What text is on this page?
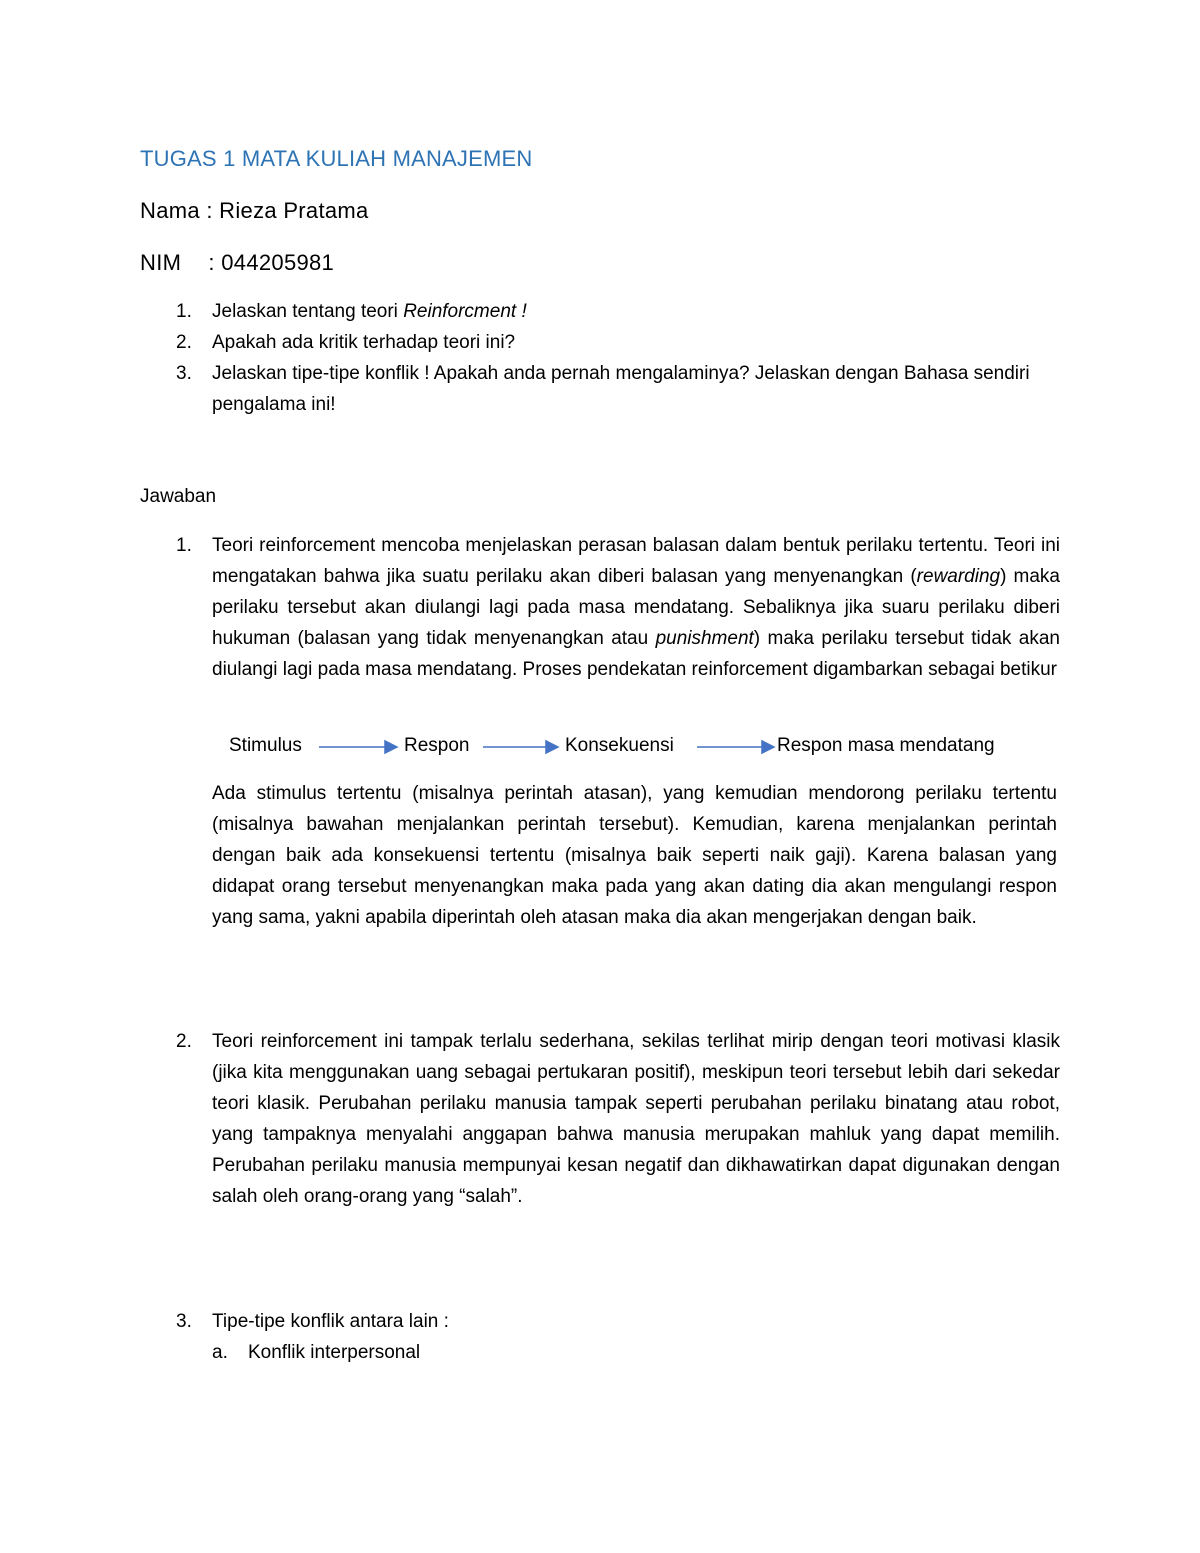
TUGAS 1 MATA KULIAH MANAJEMEN
Nama : Rieza Pratama
NIM : 044205981
1. Jelaskan tentang teori Reinforcment !
2. Apakah ada kritik terhadap teori ini?
3. Jelaskan tipe-tipe konflik ! Apakah anda pernah mengalaminya? Jelaskan dengan Bahasa sendiri pengalama ini!
Jawaban
1. Teori reinforcement mencoba menjelaskan perasan balasan dalam bentuk perilaku tertentu. Teori ini mengatakan bahwa jika suatu perilaku akan diberi balasan yang menyenangkan (rewarding) maka perilaku tersebut akan diulangi lagi pada masa mendatang. Sebaliknya jika suaru perilaku diberi hukuman (balasan yang tidak menyenangkan atau punishment) maka perilaku tersebut tidak akan diulangi lagi pada masa mendatang. Proses pendekatan reinforcement digambarkan sebagai betikur
Stimulus	Respon	Konsekuensi	Respon masa mendatang
Ada stimulus tertentu (misalnya perintah atasan), yang kemudian mendorong perilaku tertentu (misalnya bawahan menjalankan perintah tersebut). Kemudian, karena menjalankan perintah dengan baik ada konsekuensi tertentu (misalnya baik seperti naik gaji). Karena balasan yang didapat orang tersebut menyenangkan maka pada yang akan dating dia akan mengulangi respon yang sama, yakni apabila diperintah oleh atasan maka dia akan mengerjakan dengan baik.
2. Teori reinforcement ini tampak terlalu sederhana, sekilas terlihat mirip dengan teori motivasi klasik (jika kita menggunakan uang sebagai pertukaran positif), meskipun teori tersebut lebih dari sekedar teori klasik. Perubahan perilaku manusia tampak seperti perubahan perilaku binatang atau robot, yang tampaknya menyalahi anggapan bahwa manusia merupakan mahluk yang dapat memilih. Perubahan perilaku manusia mempunyai kesan negatif dan dikhawatirkan dapat digunakan dengan salah oleh orang-orang yang “salah”.
3. Tipe-tipe konflik antara lain :
a. Konflik interpersonal
